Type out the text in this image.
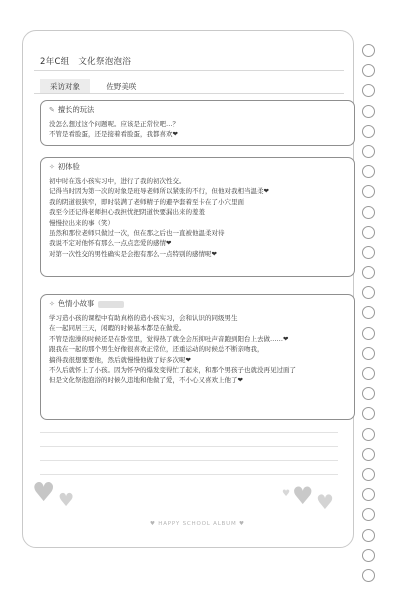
2年C组　文化祭泡泡浴
采访对象	佐野美咲
✎ 擅长的玩法
没怎么想过这个问题呢。应该是正常位吧…？
不管是看脸蛋，还是接着看脸蛋，我都喜欢❤
✧ 初体验
初中时在选小孩实习中，进行了我的初次性交。
记得当时因为第一次的对象是班导老师所以紧张的不行，但他对我相当温柔❤
我的阴道很狭窄，即时装满了老师精子的避孕套着至卡在了小穴里面
我至今还记得老师担心我担忧把阴道快要漏出来的羞羞
慢慢拉出来的事（笑）
虽然和那位老师只做过一次，但在那之后也一直被他温柔对待
我说不定对他怀有那么一点点恋爱的感情❤
对第一次性交的男性确实是会抱有那么一点特别的感情呢❤
✧ 色情小故事
学习造小孩的课程中有助真格的造小孩实习，会和认识的同级男生
在一起同居三天，闲暇的时候基本都是在做爱。
不管是泡澡的时候还是在卧室里，觉得热了就全会压抑吐声音跑到阳台上去做……❤
跟我在一起的那个男生好像很喜欢正常位，还重运动的时候总不断亲吻我，
搞得我很想要要他，然后就慢慢他做了好多次呢❤
不久后就怀上了小孩。因为怀孕的爆发变得忙了起来，和那个男孩子也就没再见过面了
但是文化祭泡泡浴的时候久违地和他做了爱，不小心又喜欢上他了❤
♥ ♥	♥ ♥
♥
♥ HAPPY SCHOOL ALBUM ♥
